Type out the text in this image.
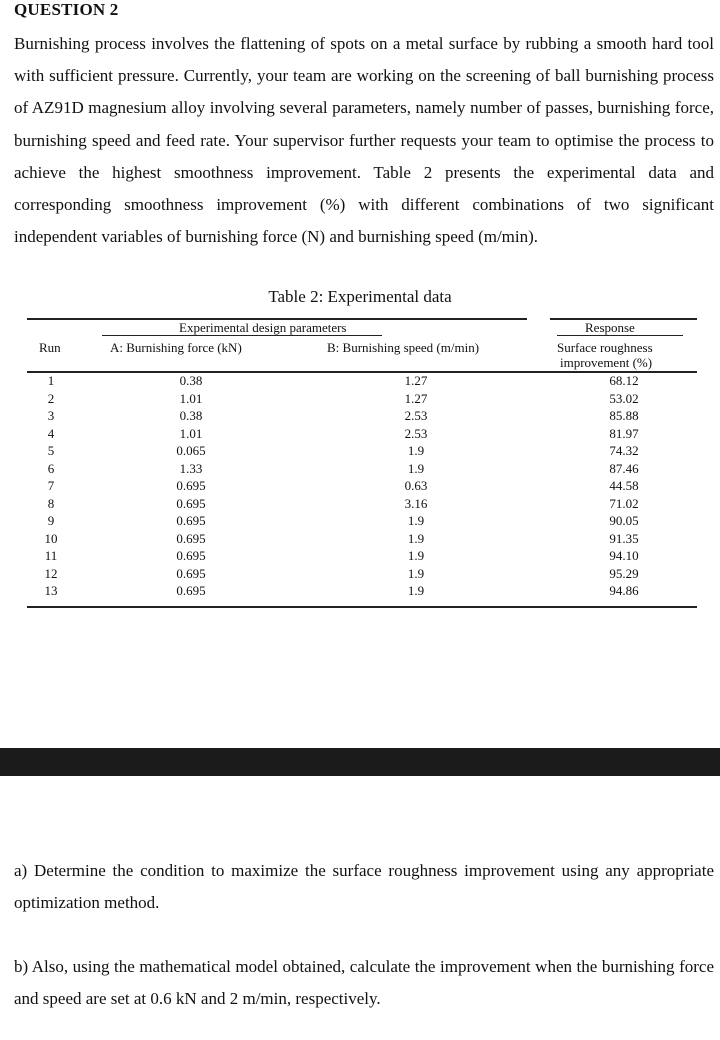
QUESTION 2

Burnishing process involves the flattening of spots on a metal surface by rubbing a smooth hard tool with sufficient pressure. Currently, your team are working on the screening of ball burnishing process of AZ91D magnesium alloy involving several parameters, namely number of passes, burnishing force, burnishing speed and feed rate. Your supervisor further requests your team to optimise the process to achieve the highest smoothness improvement. Table 2 presents the experimental data and corresponding smoothness improvement (%) with different combinations of two significant independent variables of burnishing force (N) and burnishing speed (m/min).

Table 2: Experimental data
Experimental design parameters	Response
Run	A: Burnishing force (kN)	B: Burnishing speed (m/min)	Surface roughness
improvement (%)
1	0.38	1.27	68.12
2	1.01	1.27	53.02
3	0.38	2.53	85.88
4	1.01	2.53	81.97
5	0.065	1.9	74.32
6	1.33	1.9	87.46
7	0.695	0.63	44.58
8	0.695	3.16	71.02
9	0.695	1.9	90.05
10	0.695	1.9	91.35
11	0.695	1.9	94.10
12	0.695	1.9	95.29
13	0.695	1.9	94.86

a) Determine the condition to maximize the surface roughness improvement using any appropriate optimization method.

b) Also, using the mathematical model obtained, calculate the improvement when the burnishing force and speed are set at 0.6 kN and 2 m/min, respectively.
